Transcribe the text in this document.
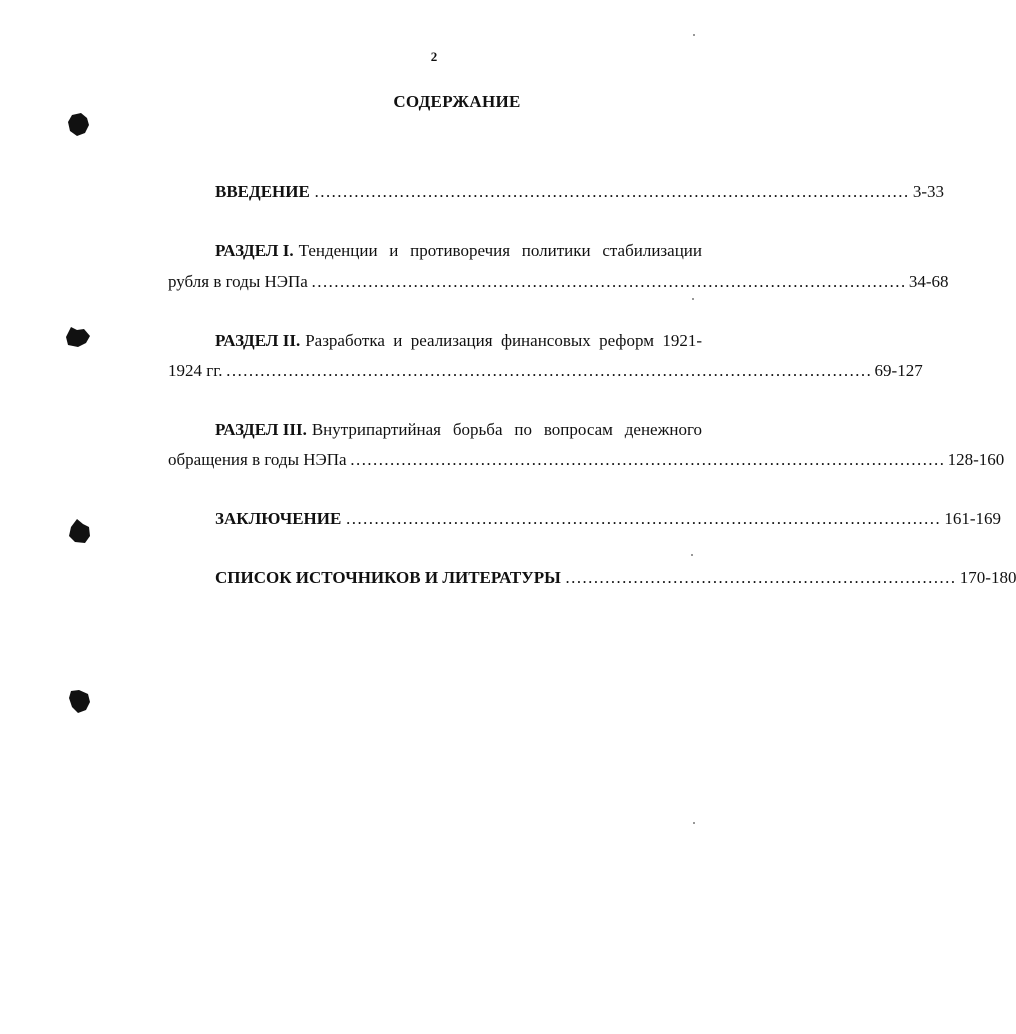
2
СОДЕРЖАНИЕ
ВВЕДЕНИЕ …………………………………………………………………………………………… 3-33
РАЗДЕЛ I. Тенденции и противоречия политики стабилизации
рубля в годы НЭПа …………………………………………………………………………………………… 34-68
РАЗДЕЛ II. Разработка и реализация финансовых реформ 1921-
1924 гг. …………………………………………………………………………………………………… 69-127
РАЗДЕЛ III. Внутрипартийная борьба по вопросам денежного
обращения в годы НЭПа …………………………………………………………………………………………… 128-160
ЗАКЛЮЧЕНИЕ …………………………………………………………………………………………… 161-169
СПИСОК ИСТОЧНИКОВ И ЛИТЕРАТУРЫ …………………………………………………………… 170-180
